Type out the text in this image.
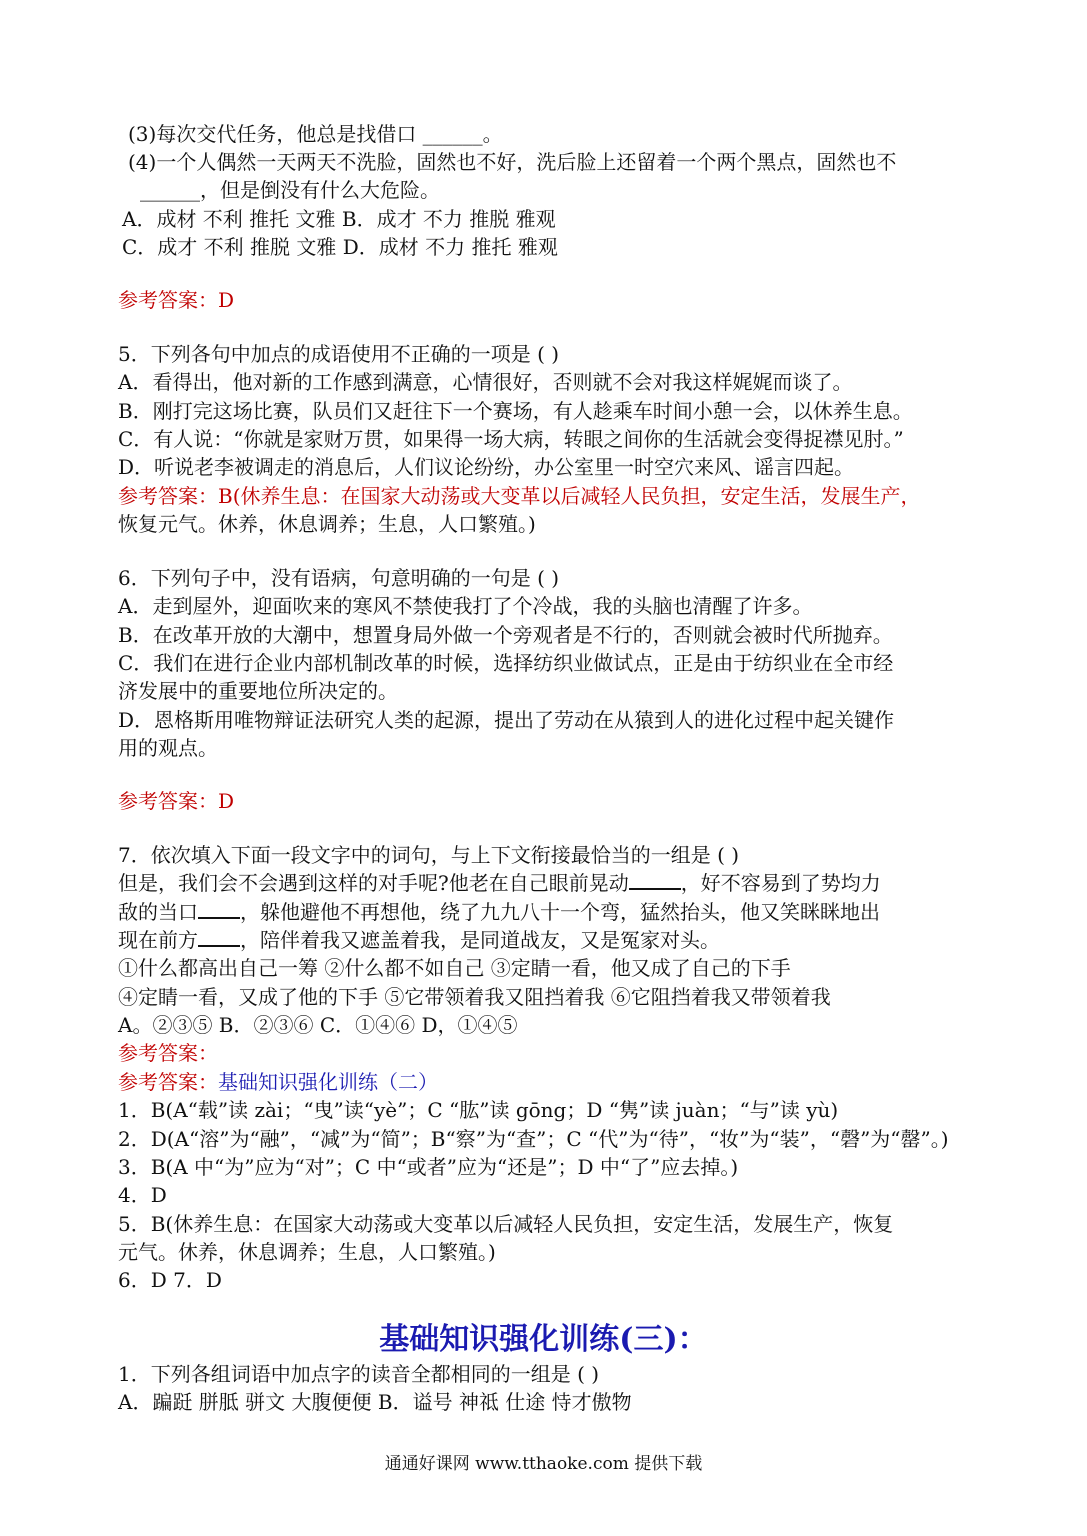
(3)每次交代任务，他总是找借口 ______。
(4)一个人偶然一天两天不洗脸，固然也不好，洗后脸上还留着一个两个黑点，固然也不
______，但是倒没有什么大危险。
A．成材 不利 推托 文雅 B．成才 不力 推脱 雅观
C．成才 不利 推脱 文雅 D．成材 不力 推托 雅观
参考答案：D
5．下列各句中加点的成语使用不正确的一项是 ( )
A．看得出，他对新的工作感到满意，心情很好，否则就不会对我这样娓娓而谈了。
B．刚打完这场比赛，队员们又赶往下一个赛场，有人趁乘车时间小憩一会，以休养生息。
C．有人说：“你就是家财万贯，如果得一场大病，转眼之间你的生活就会变得捉襟见肘。”
D．听说老李被调走的消息后，人们议论纷纷，办公室里一时空穴来风、谣言四起。
参考答案：B(休养生息：在国家大动荡或大变革以后减轻人民负担，安定生活，发展生产，
恢复元气。休养，休息调养；生息，人口繁殖。)
6．下列句子中，没有语病，句意明确的一句是 ( )
A．走到屋外，迎面吹来的寒风不禁使我打了个冷战，我的头脑也清醒了许多。
B．在改革开放的大潮中，想置身局外做一个旁观者是不行的，否则就会被时代所抛弃。
C．我们在进行企业内部机制改革的时候，选择纺织业做试点，正是由于纺织业在全市经
济发展中的重要地位所决定的。
D．恩格斯用唯物辩证法研究人类的起源，提出了劳动在从猿到人的进化过程中起关键作
用的观点。
参考答案：D
7．依次填入下面一段文字中的词句，与上下文衔接最恰当的一组是 ( )
但是，我们会不会遇到这样的对手呢?他老在自己眼前晃动	，好不容易到了势均力
敌的当口 ，躲他避他不再想他，绕了九九八十一个弯，猛然抬头，他又笑眯眯地出
现在前方 ，陪伴着我又遮盖着我，是同道战友，又是冤家对头。
①什么都高出自己一筹 ②什么都不如自己 ③定睛一看，他又成了自己的下手
④定睛一看，又成了他的下手 ⑤它带领着我又阻挡着我 ⑥它阻挡着我又带领着我
A。②③⑤ B．②③⑥ C．①④⑥ D，①④⑤
参考答案：
参考答案：基础知识强化训练（二）
1．B(A“载”读 zài；“曳”读“yè”；C “肱”读 gōng；D “隽”读 juàn；“与”读 yù)
2．D(A“溶”为“融”，“减”为“简”；B“察”为“查”；C “代”为“待”，“妆”为“装”，“磬”为“罄”。)
3．B(A 中“为”应为“对”；C 中“或者”应为“还是”；D 中“了”应去掉。)
4．D
5．B(休养生息：在国家大动荡或大变革以后减轻人民负担，安定生活，发展生产，恢复
元气。休养，休息调养；生息，人口繁殖。)
6．D 7．D
基础知识强化训练(三)：
1．下列各组词语中加点字的读音全都相同的一组是 ( )
A．蹁跹 胼胝 骈文 大腹便便 B．谥号 神祗 仕途 恃才傲物
通通好课网 www.tthaoke.com 提供下载
